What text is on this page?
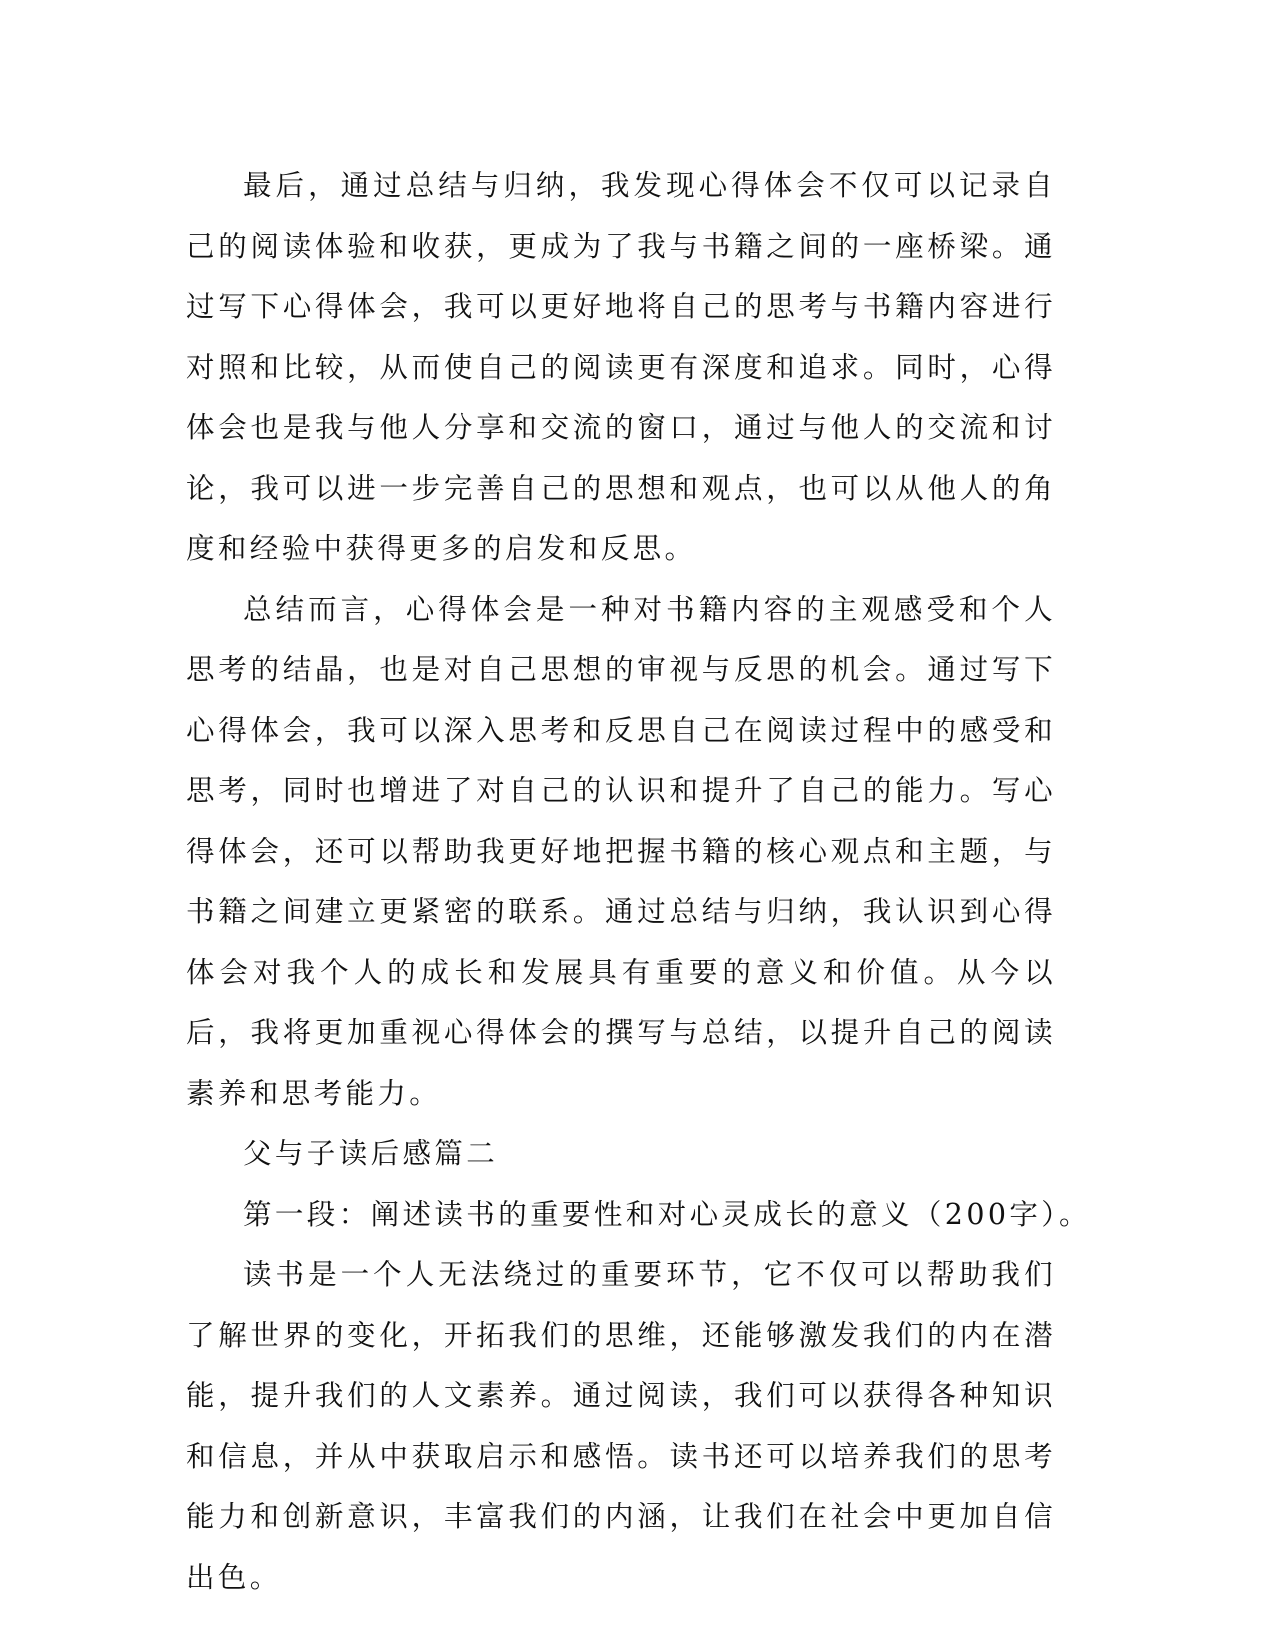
最后，通过总结与归纳，我发现心得体会不仅可以记录自己的阅读体验和收获，更成为了我与书籍之间的一座桥梁。通过写下心得体会，我可以更好地将自己的思考与书籍内容进行对照和比较，从而使自己的阅读更有深度和追求。同时，心得体会也是我与他人分享和交流的窗口，通过与他人的交流和讨论，我可以进一步完善自己的思想和观点，也可以从他人的角度和经验中获得更多的启发和反思。

总结而言，心得体会是一种对书籍内容的主观感受和个人思考的结晶，也是对自己思想的审视与反思的机会。通过写下心得体会，我可以深入思考和反思自己在阅读过程中的感受和思考，同时也增进了对自己的认识和提升了自己的能力。写心得体会，还可以帮助我更好地把握书籍的核心观点和主题，与书籍之间建立更紧密的联系。通过总结与归纳，我认识到心得体会对我个人的成长和发展具有重要的意义和价值。从今以后，我将更加重视心得体会的撰写与总结，以提升自己的阅读素养和思考能力。

父与子读后感篇二

第一段：阐述读书的重要性和对心灵成长的意义（200字）。

读书是一个人无法绕过的重要环节，它不仅可以帮助我们了解世界的变化，开拓我们的思维，还能够激发我们的内在潜能，提升我们的人文素养。通过阅读，我们可以获得各种知识和信息，并从中获取启示和感悟。读书还可以培养我们的思考能力和创新意识，丰富我们的内涵，让我们在社会中更加自信出色。
